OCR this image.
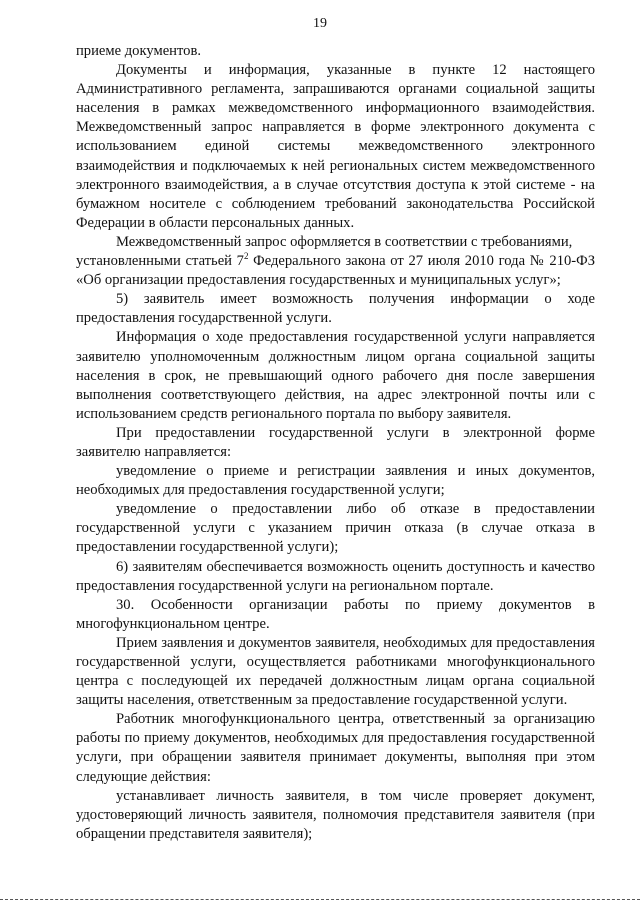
19

приеме документов.

Документы и информация, указанные в пункте 12 настоящего Административного регламента, запрашиваются органами социальной защиты населения в рамках межведомственного информационного взаимодействия. Межведомственный запрос направляется в форме электронного документа с использованием единой системы межведомственного электронного взаимодействия и подключаемых к ней региональных систем межведомственного электронного взаимодействия, а в случае отсутствия доступа к этой системе - на бумажном носителе с соблюдением требований законодательства Российской Федерации в области персональных данных.

Межведомственный запрос оформляется в соответствии с требованиями,

установленными статьей $7^2$ Федерального закона от 27 июля 2010 года № 210-ФЗ «Об организации предоставления государственных и муниципальных услуг»;

5) заявитель имеет возможность получения информации о ходе предоставления государственной услуги.

Информация о ходе предоставления государственной услуги направляется заявителю уполномоченным должностным лицом органа социальной защиты населения в срок, не превышающий одного рабочего дня после завершения выполнения соответствующего действия, на адрес электронной почты или с использованием средств регионального портала по выбору заявителя.

При предоставлении государственной услуги в электронной форме заявителю направляется:

уведомление о приеме и регистрации заявления и иных документов, необходимых для предоставления государственной услуги;

уведомление о предоставлении либо об отказе в предоставлении государственной услуги с указанием причин отказа (в случае отказа в предоставлении государственной услуги);

6) заявителям обеспечивается возможность оценить доступность и качество предоставления государственной услуги на региональном портале.

30. Особенности организации работы по приему документов в многофункциональном центре.

Прием заявления и документов заявителя, необходимых для предоставления государственной услуги, осуществляется работниками многофункционального центра с последующей их передачей должностным лицам органа социальной защиты населения, ответственным за предоставление государственной услуги.

Работник многофункционального центра, ответственный за организацию работы по приему документов, необходимых для предоставления государственной услуги, при обращении заявителя принимает документы, выполняя при этом следующие действия:

устанавливает личность заявителя, в том числе проверяет документ, удостоверяющий личность заявителя, полномочия представителя заявителя (при обращении представителя заявителя);
